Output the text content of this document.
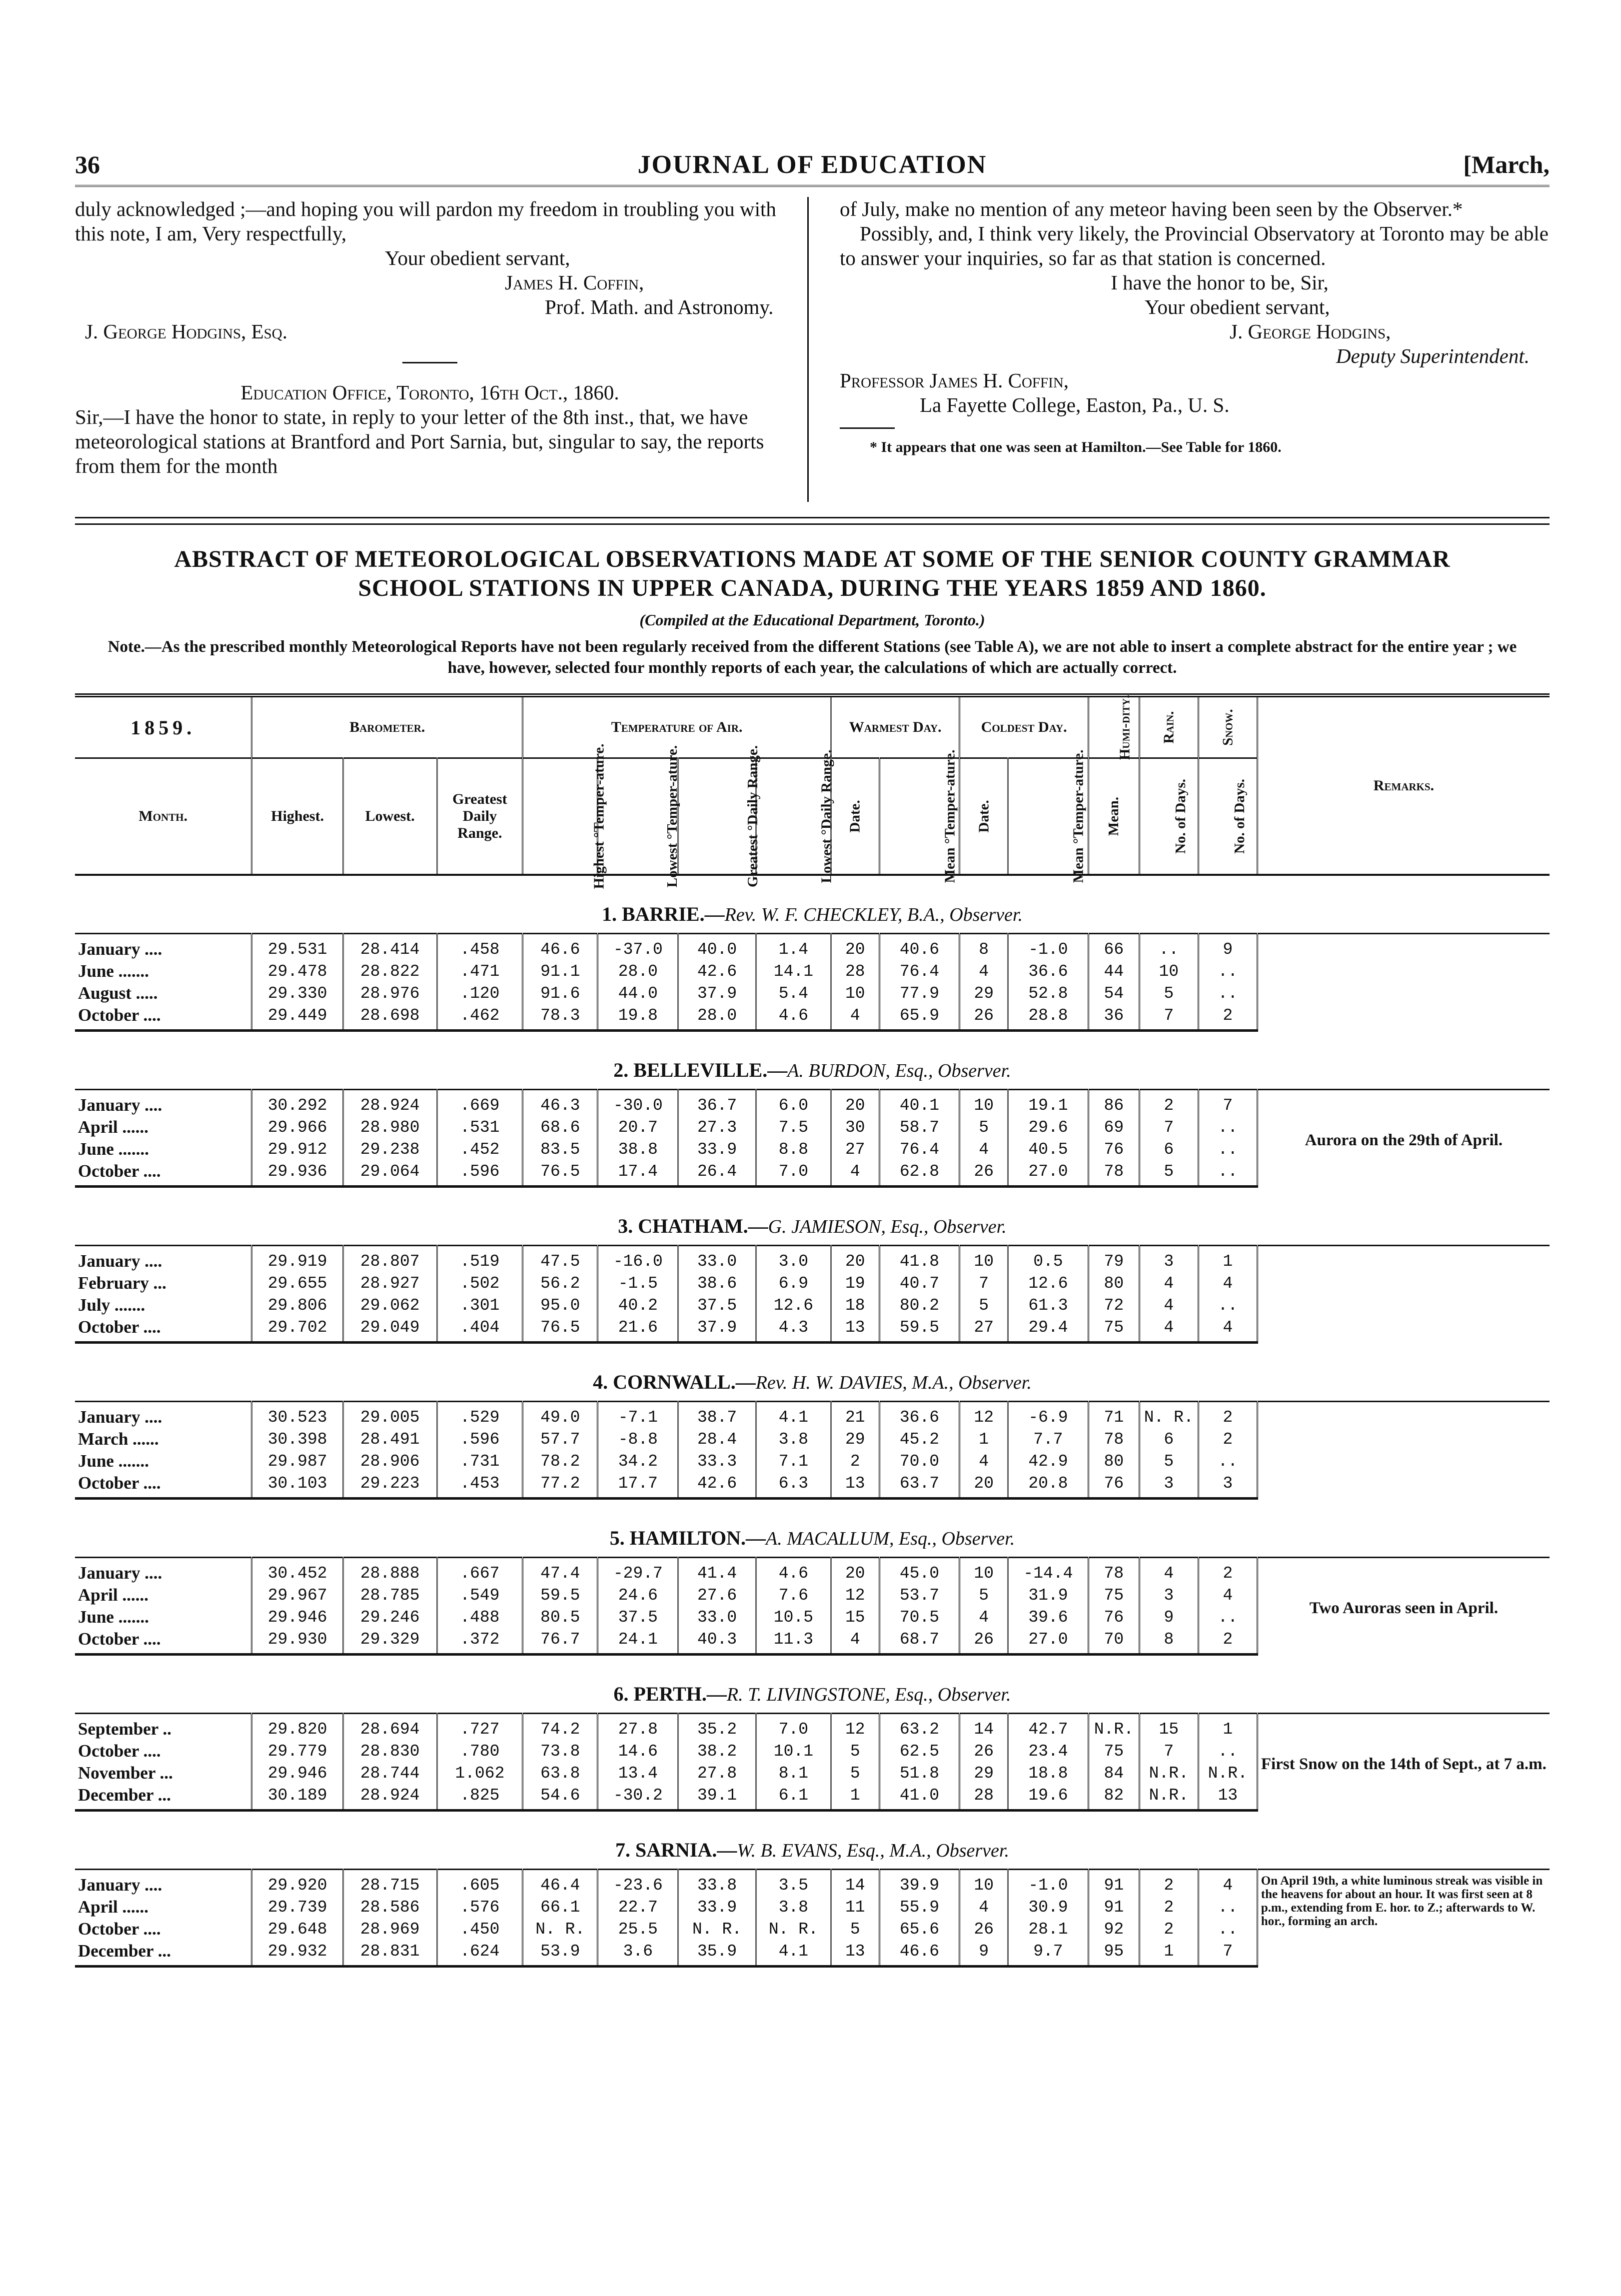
36	JOURNAL OF EDUCATION	[March,

duly acknowledged ;—and hoping you will pardon my freedom in troubling you with this note, I am, Very respectfully,

Your obedient servant,

James H. Coffin,

Prof. Math. and Astronomy.

J. George Hodgins, Esq.

Education Office, Toronto, 16th Oct., 1860.

Sir,—I have the honor to state, in reply to your letter of the 8th inst., that, we have meteorological stations at Brantford and Port Sarnia, but, singular to say, the reports from them for the month

of July, make no mention of any meteor having been seen by the Observer.*

Possibly, and, I think very likely, the Provincial Observatory at Toronto may be able to answer your inquiries, so far as that station is concerned.

I have the honor to be, Sir,

Your obedient servant,

J. George Hodgins,

Deputy Superintendent.

Professor James H. Coffin,

La Fayette College, Easton, Pa., U. S.

* It appears that one was seen at Hamilton.—See Table for 1860.

ABSTRACT OF METEOROLOGICAL OBSERVATIONS MADE AT SOME OF THE SENIOR COUNTY GRAMMAR
SCHOOL STATIONS IN UPPER CANADA, DURING THE YEARS 1859 AND 1860.
(Compiled at the Educational Department, Toronto.)
Note.—As the prescribed monthly Meteorological Reports have not been regularly received from the different Stations (see Table A), we are not able to insert a complete abstract for the entire year ; we have, however, selected four monthly reports of each year, the calculations of which are actually correct.
1859.	Barometer.			Temperature of Air.				Warmest Day.		Coldest Day.		Humi-dity.	Rain.	Snow.	Remarks.
Month.	Highest.	Lowest.	Greatest Daily Range.	Highest °Temper-ature.	Lowest °Temper-ature.	Greatest °Daily Range.	Lowest °Daily Range.	Date.	Mean °Temper-ature.	Date.	Mean °Temper-ature.	Mean.	No. of Days.	No. of Days.	
1. BARRIE.—Rev. W. F. CHECKLEY, B.A., Observer.															
January ....	29.531	28.414	.458	46.6	-37.0	40.0	1.4	20	40.6	8	-1.0	66	..	9	
June .......	29.478	28.822	.471	91.1	28.0	42.6	14.1	28	76.4	4	36.6	44	10	..	
August .....	29.330	28.976	.120	91.6	44.0	37.9	5.4	10	77.9	29	52.8	54	5	..	
October ....	29.449	28.698	.462	78.3	19.8	28.0	4.6	4	65.9	26	28.8	36	7	2	
2. BELLEVILLE.—A. BURDON, Esq., Observer.															
January ....	30.292	28.924	.669	46.3	-30.0	36.7	6.0	20	40.1	10	19.1	86	2	7	Aurora on the 29th of April.
April ......	29.966	28.980	.531	68.6	20.7	27.3	7.5	30	58.7	5	29.6	69	7	..	
June .......	29.912	29.238	.452	83.5	38.8	33.9	8.8	27	76.4	4	40.5	76	6	..	
October ....	29.936	29.064	.596	76.5	17.4	26.4	7.0	4	62.8	26	27.0	78	5	..	
3. CHATHAM.—G. JAMIESON, Esq., Observer.															
January ....	29.919	28.807	.519	47.5	-16.0	33.0	3.0	20	41.8	10	0.5	79	3	1	
February ...	29.655	28.927	.502	56.2	-1.5	38.6	6.9	19	40.7	7	12.6	80	4	4	
July .......	29.806	29.062	.301	95.0	40.2	37.5	12.6	18	80.2	5	61.3	72	4	..	
October ....	29.702	29.049	.404	76.5	21.6	37.9	4.3	13	59.5	27	29.4	75	4	4	
4. CORNWALL.—Rev. H. W. DAVIES, M.A., Observer.															
January ....	30.523	29.005	.529	49.0	-7.1	38.7	4.1	21	36.6	12	-6.9	71	N. R.	2	
March ......	30.398	28.491	.596	57.7	-8.8	28.4	3.8	29	45.2	1	7.7	78	6	2	
June .......	29.987	28.906	.731	78.2	34.2	33.3	7.1	2	70.0	4	42.9	80	5	..	
October ....	30.103	29.223	.453	77.2	17.7	42.6	6.3	13	63.7	20	20.8	76	3	3	
5. HAMILTON.—A. MACALLUM, Esq., Observer.															
January ....	30.452	28.888	.667	47.4	-29.7	41.4	4.6	20	45.0	10	-14.4	78	4	2	Two Auroras seen in April.
April ......	29.967	28.785	.549	59.5	24.6	27.6	7.6	12	53.7	5	31.9	75	3	4	
June .......	29.946	29.246	.488	80.5	37.5	33.0	10.5	15	70.5	4	39.6	76	9	..	
October ....	29.930	29.329	.372	76.7	24.1	40.3	11.3	4	68.7	26	27.0	70	8	2	
6. PERTH.—R. T. LIVINGSTONE, Esq., Observer.															
September ..	29.820	28.694	.727	74.2	27.8	35.2	7.0	12	63.2	14	42.7	N.R.	15	1	First Snow on the 14th of Sept., at 7 a.m.
October ....	29.779	28.830	.780	73.8	14.6	38.2	10.1	5	62.5	26	23.4	75	7	..	
November ...	29.946	28.744	1.062	63.8	13.4	27.8	8.1	5	51.8	29	18.8	84	N.R.	N.R.	
December ...	30.189	28.924	.825	54.6	-30.2	39.1	6.1	1	41.0	28	19.6	82	N.R.	13	
7. SARNIA.—W. B. EVANS, Esq., M.A., Observer.															
January ....	29.920	28.715	.605	46.4	-23.6	33.8	3.5	14	39.9	10	-1.0	91	2	4	On April 19th, a white luminous streak was visible in the heavens for about an hour. It was first seen at 8 p.m., extending from E. hor. to Z.; afterwards to W. hor., forming an arch.
April ......	29.739	28.586	.576	66.1	22.7	33.9	3.8	11	55.9	4	30.9	91	2	..	
October ....	29.648	28.969	.450	N. R.	25.5	N. R.	N. R.	5	65.6	26	28.1	92	2	..	
December ...	29.932	28.831	.624	53.9	3.6	35.9	4.1	13	46.6	9	9.7	95	1	7	
